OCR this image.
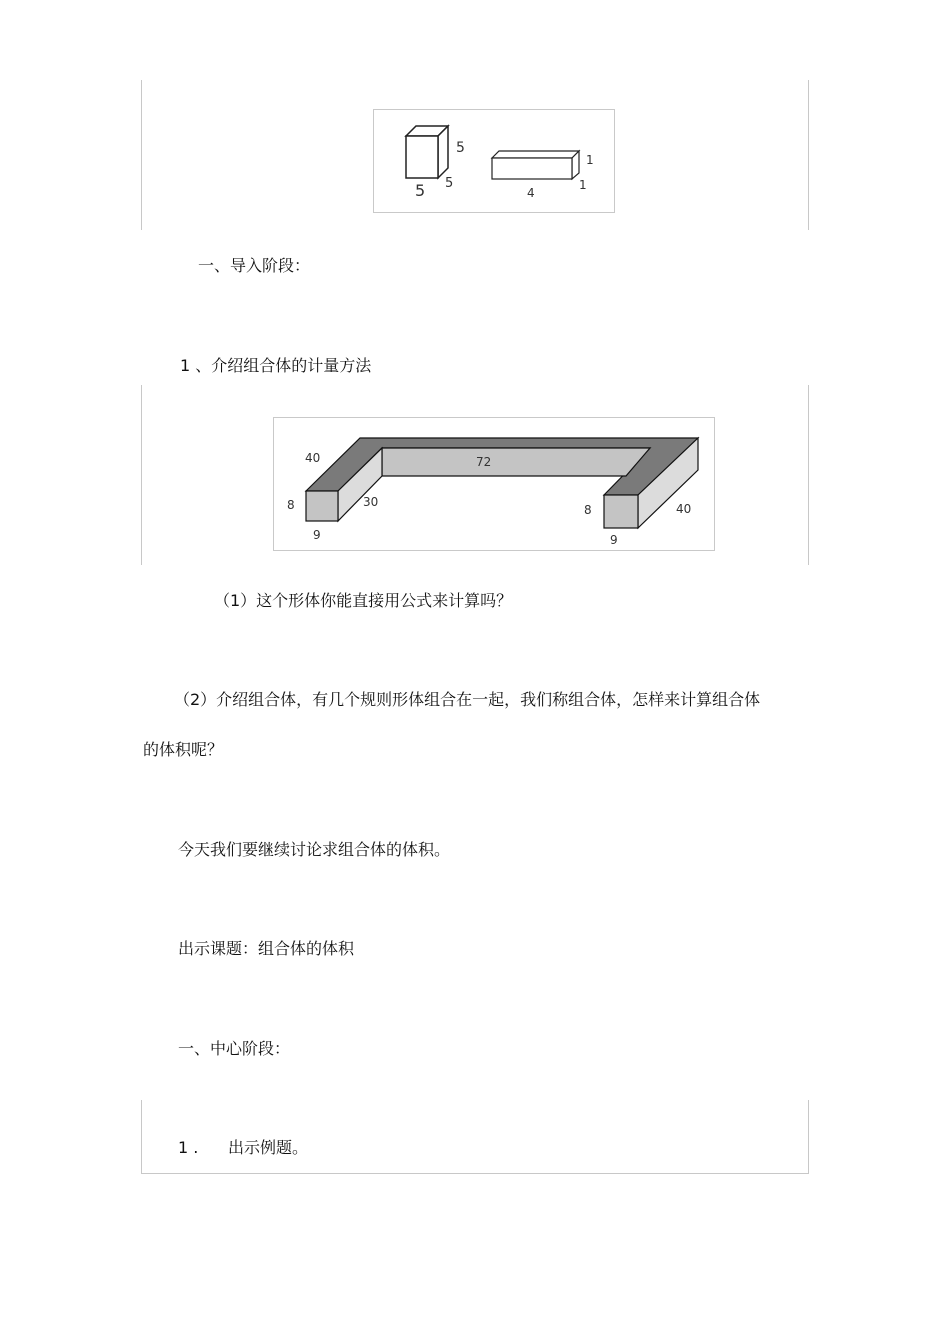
5
5
5
1
1
4
一、导入阶段：
1 、介绍组合体的计量方法
40
8
9
30
72
8	40
9
（1）这个形体你能直接用公式来计算吗？
（2）介绍组合体，有几个规则形体组合在一起，我们称组合体，怎样来计算组合体
的体积呢？
今天我们要继续讨论求组合体的体积。
出示课题：组合体的体积
一、中心阶段：
1 . 出示例题。
